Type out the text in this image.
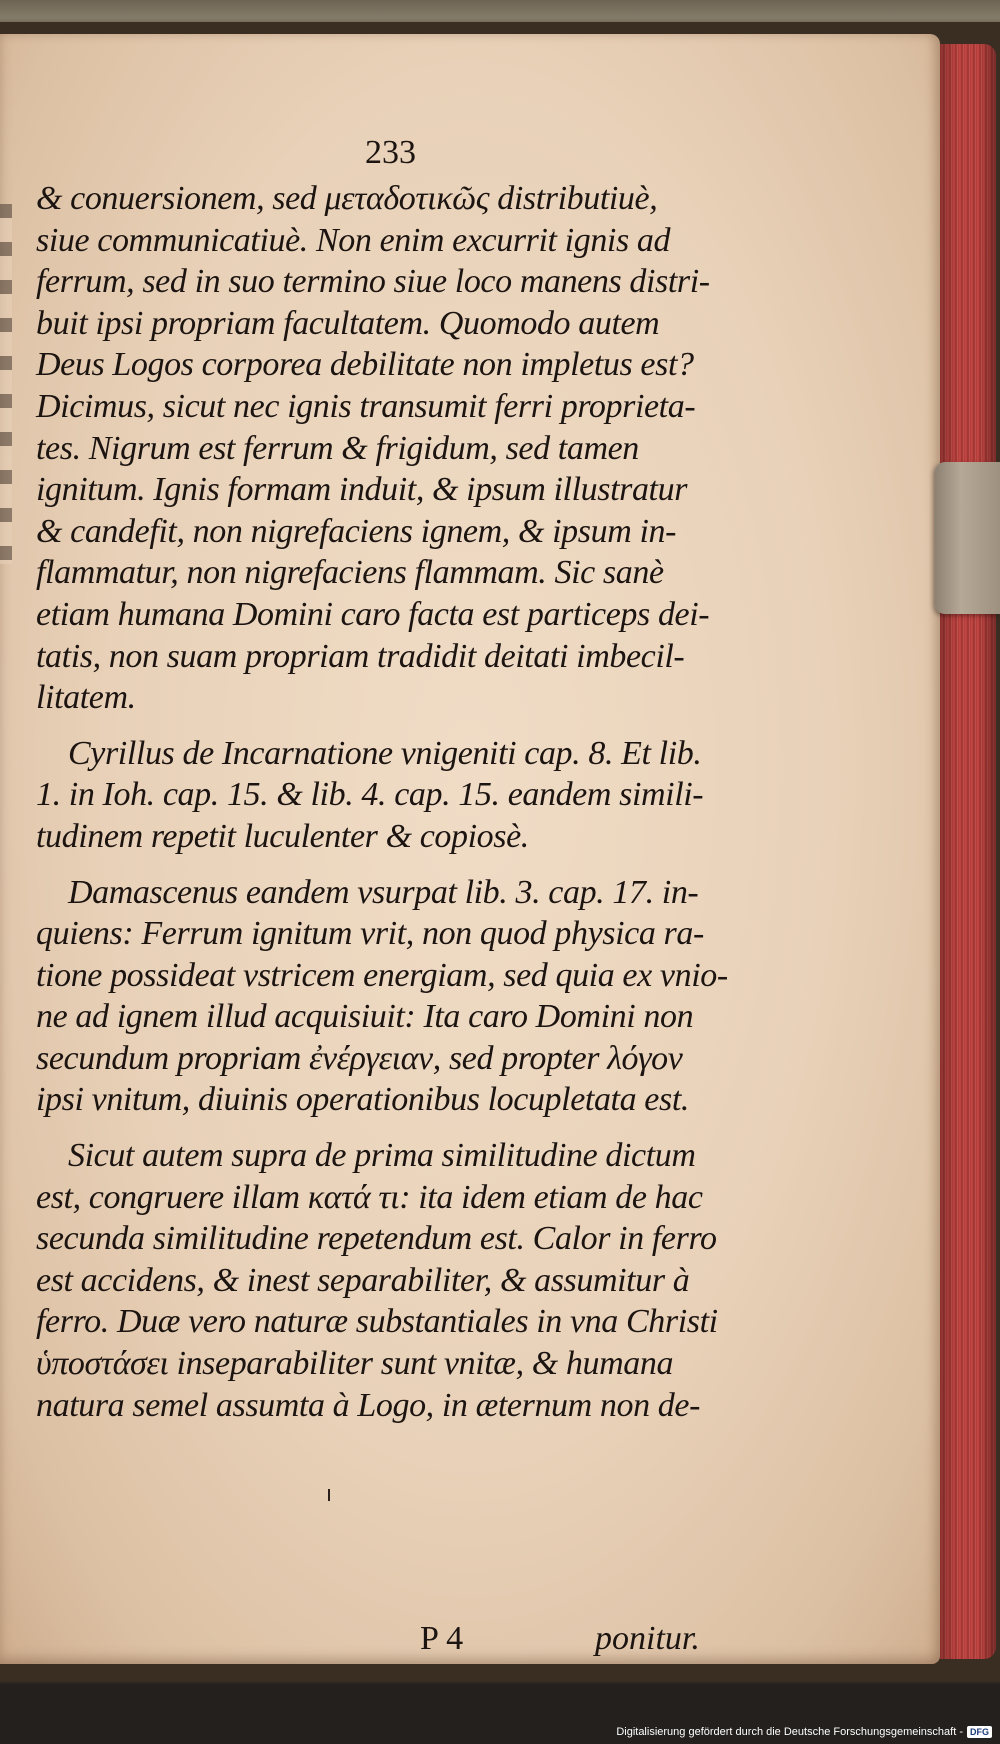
233
& conuersionem, sed μεταδοτικῶς distributiuè,
siue communicatiuè. Non enim excurrit ignis ad
ferrum, sed in suo termino siue loco manens distri-
buit ipsi propriam facultatem. Quomodo autem
Deus Logos corporea debilitate non impletus est?
Dicimus, sicut nec ignis transumit ferri proprieta-
tes. Nigrum est ferrum & frigidum, sed tamen
ignitum. Ignis formam induit, & ipsum illustratur
& candefit, non nigrefaciens ignem, & ipsum in-
flammatur, non nigrefaciens flammam. Sic sanè
etiam humana Domini caro facta est particeps dei-
tatis, non suam propriam tradidit deitati imbecil-
litatem.
Cyrillus de Incarnatione vnigeniti cap. 8. Et lib.
1. in Ioh. cap. 15. & lib. 4. cap. 15. eandem simili-
tudinem repetit luculenter & copiosè.
Damascenus eandem vsurpat lib. 3. cap. 17. in-
quiens: Ferrum ignitum vrit, non quod physica ra-
tione possideat vstricem energiam, sed quia ex vnio-
ne ad ignem illud acquisiuit: Ita caro Domini non
secundum propriam ἐνέργειαν, sed propter λόγον
ipsi vnitum, diuinis operationibus locupletata est.
Sicut autem supra de prima similitudine dictum
est, congruere illam κατά τι: ita idem etiam de hac
secunda similitudine repetendum est. Calor in ferro
est accidens, & inest separabiliter, & assumitur à
ferro. Duæ vero naturæ substantiales in vna Christi
ὑποστάσει inseparabiliter sunt vnitæ, & humana
natura semel assumta à Logo, in æternum non de-
P 4	ponitur.
Digitalisierung gefördert durch die Deutsche Forschungsgemeinschaft - DFG
